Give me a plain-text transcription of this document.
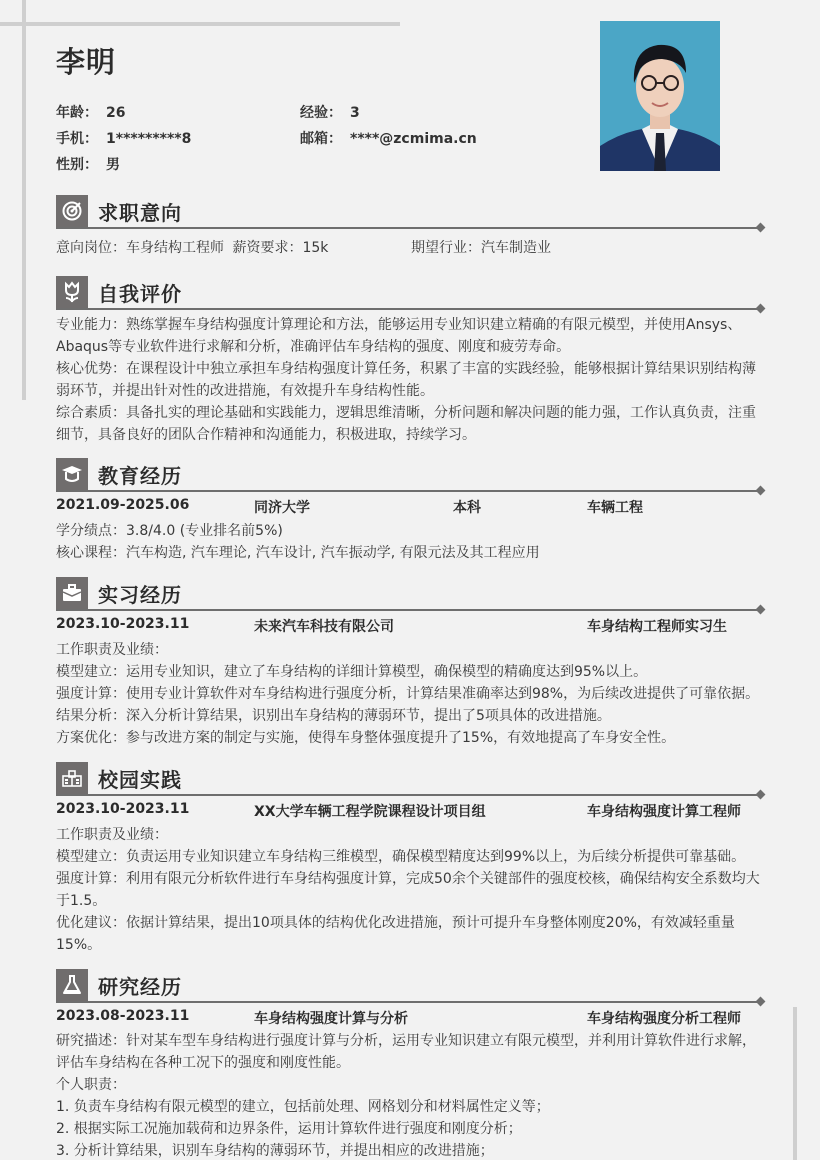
李明
年龄： 26	经验： 3
手机： 1*********8	邮箱： ****@zcmima.cn
性别： 男
求职意向
意向岗位：车身结构工程师 薪资要求：15k	期望行业：汽车制造业
自我评价
专业能力：熟练掌握车身结构强度计算理论和方法，能够运用专业知识建立精确的有限元模型，并使用Ansys、Abaqus等专业软件进行求解和分析，准确评估车身结构的强度、刚度和疲劳寿命。
核心优势：在课程设计中独立承担车身结构强度计算任务，积累了丰富的实践经验，能够根据计算结果识别结构薄弱环节，并提出针对性的改进措施，有效提升车身结构性能。
综合素质：具备扎实的理论基础和实践能力，逻辑思维清晰，分析问题和解决问题的能力强，工作认真负责，注重细节，具备良好的团队合作精神和沟通能力，积极进取，持续学习。
教育经历
2021.09-2025.06	同济大学	本科	车辆工程
学分绩点：3.8/4.0 (专业排名前5%)
核心课程：汽车构造, 汽车理论, 汽车设计, 汽车振动学, 有限元法及其工程应用
实习经历
2023.10-2023.11	未来汽车科技有限公司	车身结构工程师实习生
工作职责及业绩：
模型建立：运用专业知识，建立了车身结构的详细计算模型，确保模型的精确度达到95%以上。
强度计算：使用专业计算软件对车身结构进行强度分析，计算结果准确率达到98%，为后续改进提供了可靠依据。
结果分析：深入分析计算结果，识别出车身结构的薄弱环节，提出了5项具体的改进措施。
方案优化：参与改进方案的制定与实施，使得车身整体强度提升了15%，有效地提高了车身安全性。
校园实践
2023.10-2023.11	XX大学车辆工程学院课程设计项目组	车身结构强度计算工程师
工作职责及业绩：
模型建立：负责运用专业知识建立车身结构三维模型，确保模型精度达到99%以上，为后续分析提供可靠基础。
强度计算：利用有限元分析软件进行车身结构强度计算，完成50余个关键部件的强度校核，确保结构安全系数均大于1.5。
优化建议：依据计算结果，提出10项具体的结构优化改进措施，预计可提升车身整体刚度20%，有效减轻重量15%。
研究经历
2023.08-2023.11	车身结构强度计算与分析	车身结构强度分析工程师
研究描述：针对某车型车身结构进行强度计算与分析，运用专业知识建立有限元模型，并利用计算软件进行求解，评估车身结构在各种工况下的强度和刚度性能。
个人职责：
1. 负责车身结构有限元模型的建立，包括前处理、网格划分和材料属性定义等；
2. 根据实际工况施加载荷和边界条件，运用计算软件进行强度和刚度分析；
3. 分析计算结果，识别车身结构的薄弱环节，并提出相应的改进措施；
